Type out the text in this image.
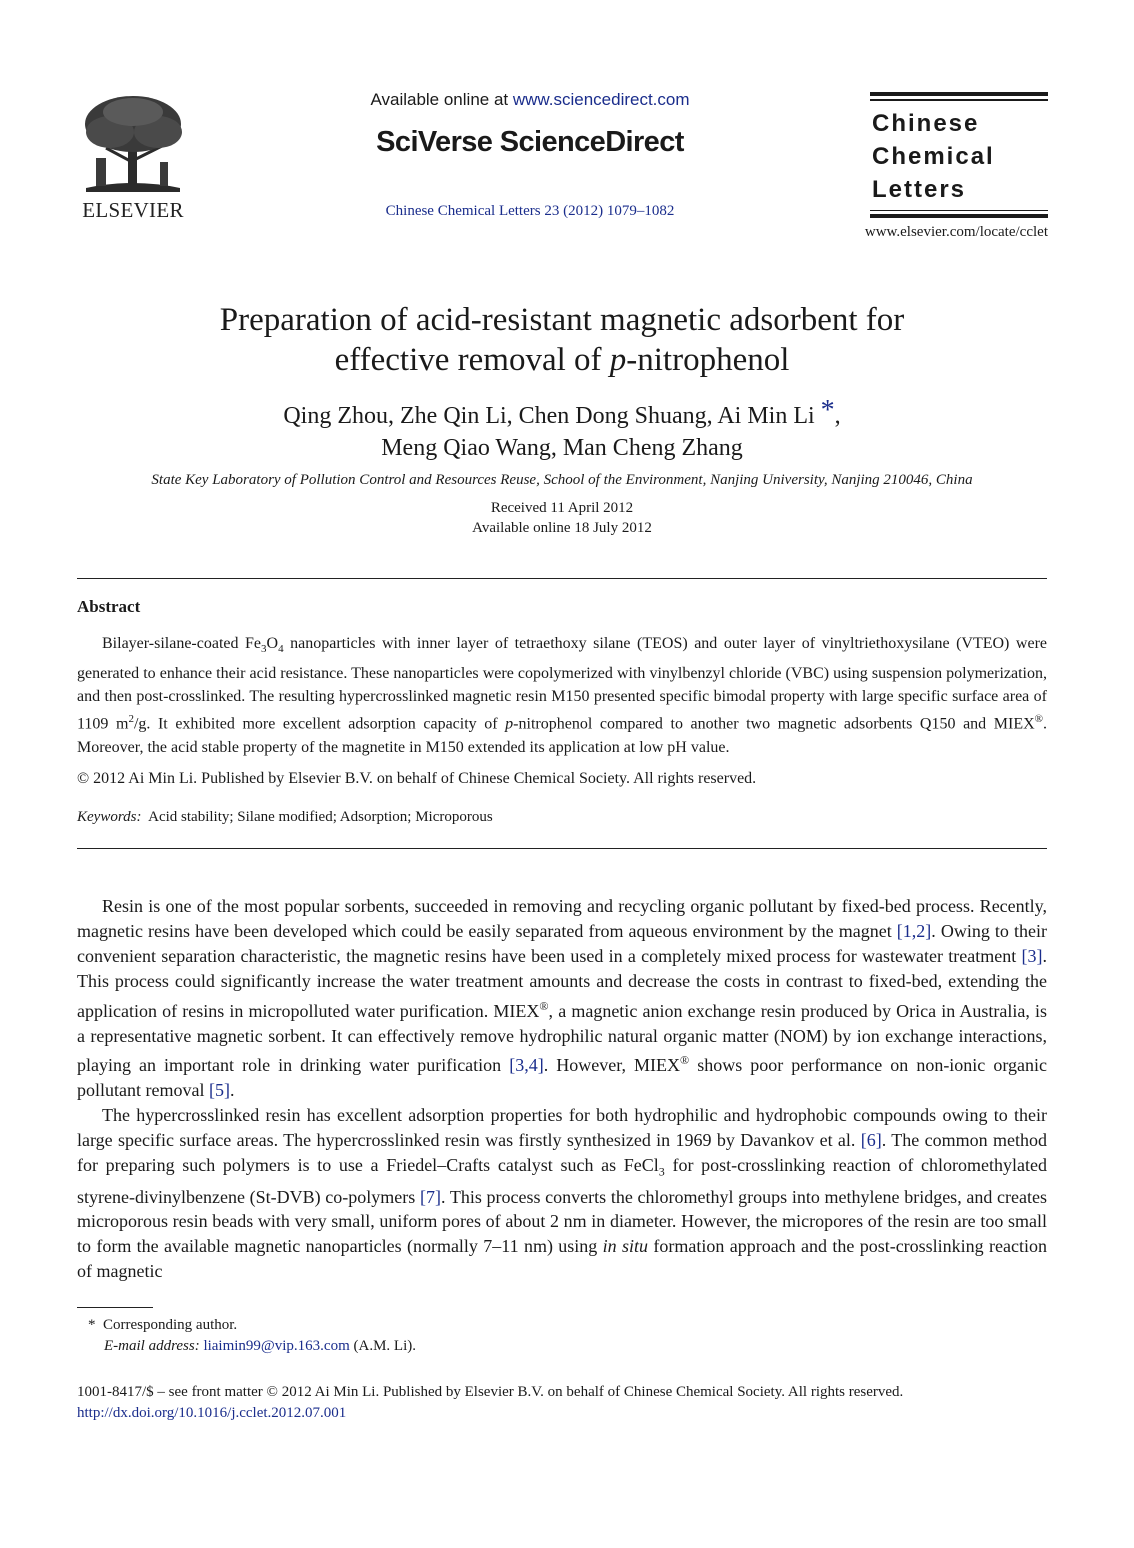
ELSEVIER
Available online at www.sciencedirect.com
SciVerse ScienceDirect
Chinese Chemical Letters 23 (2012) 1079–1082
Chinese
Chemical
Letters
www.elsevier.com/locate/cclet
Preparation of acid-resistant magnetic adsorbent for
effective removal of p-nitrophenol
Qing Zhou, Zhe Qin Li, Chen Dong Shuang, Ai Min Li *,
Meng Qiao Wang, Man Cheng Zhang
State Key Laboratory of Pollution Control and Resources Reuse, School of the Environment, Nanjing University, Nanjing 210046, China
Received 11 April 2012
Available online 18 July 2012
Abstract

Bilayer-silane-coated $Fe_3O_4$ nanoparticles with inner layer of tetraethoxy silane (TEOS) and outer layer of vinyltriethoxysilane (VTEO) were generated to enhance their acid resistance. These nanoparticles were copolymerized with vinylbenzyl chloride (VBC) using suspension polymerization, and then post-crosslinked. The resulting hypercrosslinked magnetic resin M150 presented specific bimodal property with large specific surface area of 1109 $m^2/g$. It exhibited more excellent adsorption capacity of p-nitrophenol compared to another two magnetic adsorbents Q150 and MIEX®. Moreover, the acid stable property of the magnetite in M150 extended its application at low pH value.

© 2012 Ai Min Li. Published by Elsevier B.V. on behalf of Chinese Chemical Society. All rights reserved.
Keywords: Acid stability; Silane modified; Adsorption; Microporous

Resin is one of the most popular sorbents, succeeded in removing and recycling organic pollutant by fixed-bed process. Recently, magnetic resins have been developed which could be easily separated from aqueous environment by the magnet [1,2]. Owing to their convenient separation characteristic, the magnetic resins have been used in a completely mixed process for wastewater treatment [3]. This process could significantly increase the water treatment amounts and decrease the costs in contrast to fixed-bed, extending the application of resins in micropolluted water purification. MIEX®, a magnetic anion exchange resin produced by Orica in Australia, is a representative magnetic sorbent. It can effectively remove hydrophilic natural organic matter (NOM) by ion exchange interactions, playing an important role in drinking water purification [3,4]. However, MIEX® shows poor performance on non-ionic organic pollutant removal [5].

The hypercrosslinked resin has excellent adsorption properties for both hydrophilic and hydrophobic compounds owing to their large specific surface areas. The hypercrosslinked resin was firstly synthesized in 1969 by Davankov et al. [6]. The common method for preparing such polymers is to use a Friedel–Crafts catalyst such as FeCl$_3$ for post-crosslinking reaction of chloromethylated styrene-divinylbenzene (St-DVB) co-polymers [7]. This process converts the chloromethyl groups into methylene bridges, and creates microporous resin beads with very small, uniform pores of about 2 nm in diameter. However, the micropores of the resin are too small to form the available magnetic nanoparticles (normally 7–11 nm) using in situ formation approach and the post-crosslinking reaction of magnetic

* Corresponding author.
E-mail address: liaimin99@vip.163.com (A.M. Li).
1001-8417/$ – see front matter © 2012 Ai Min Li. Published by Elsevier B.V. on behalf of Chinese Chemical Society. All rights reserved.
http://dx.doi.org/10.1016/j.cclet.2012.07.001
